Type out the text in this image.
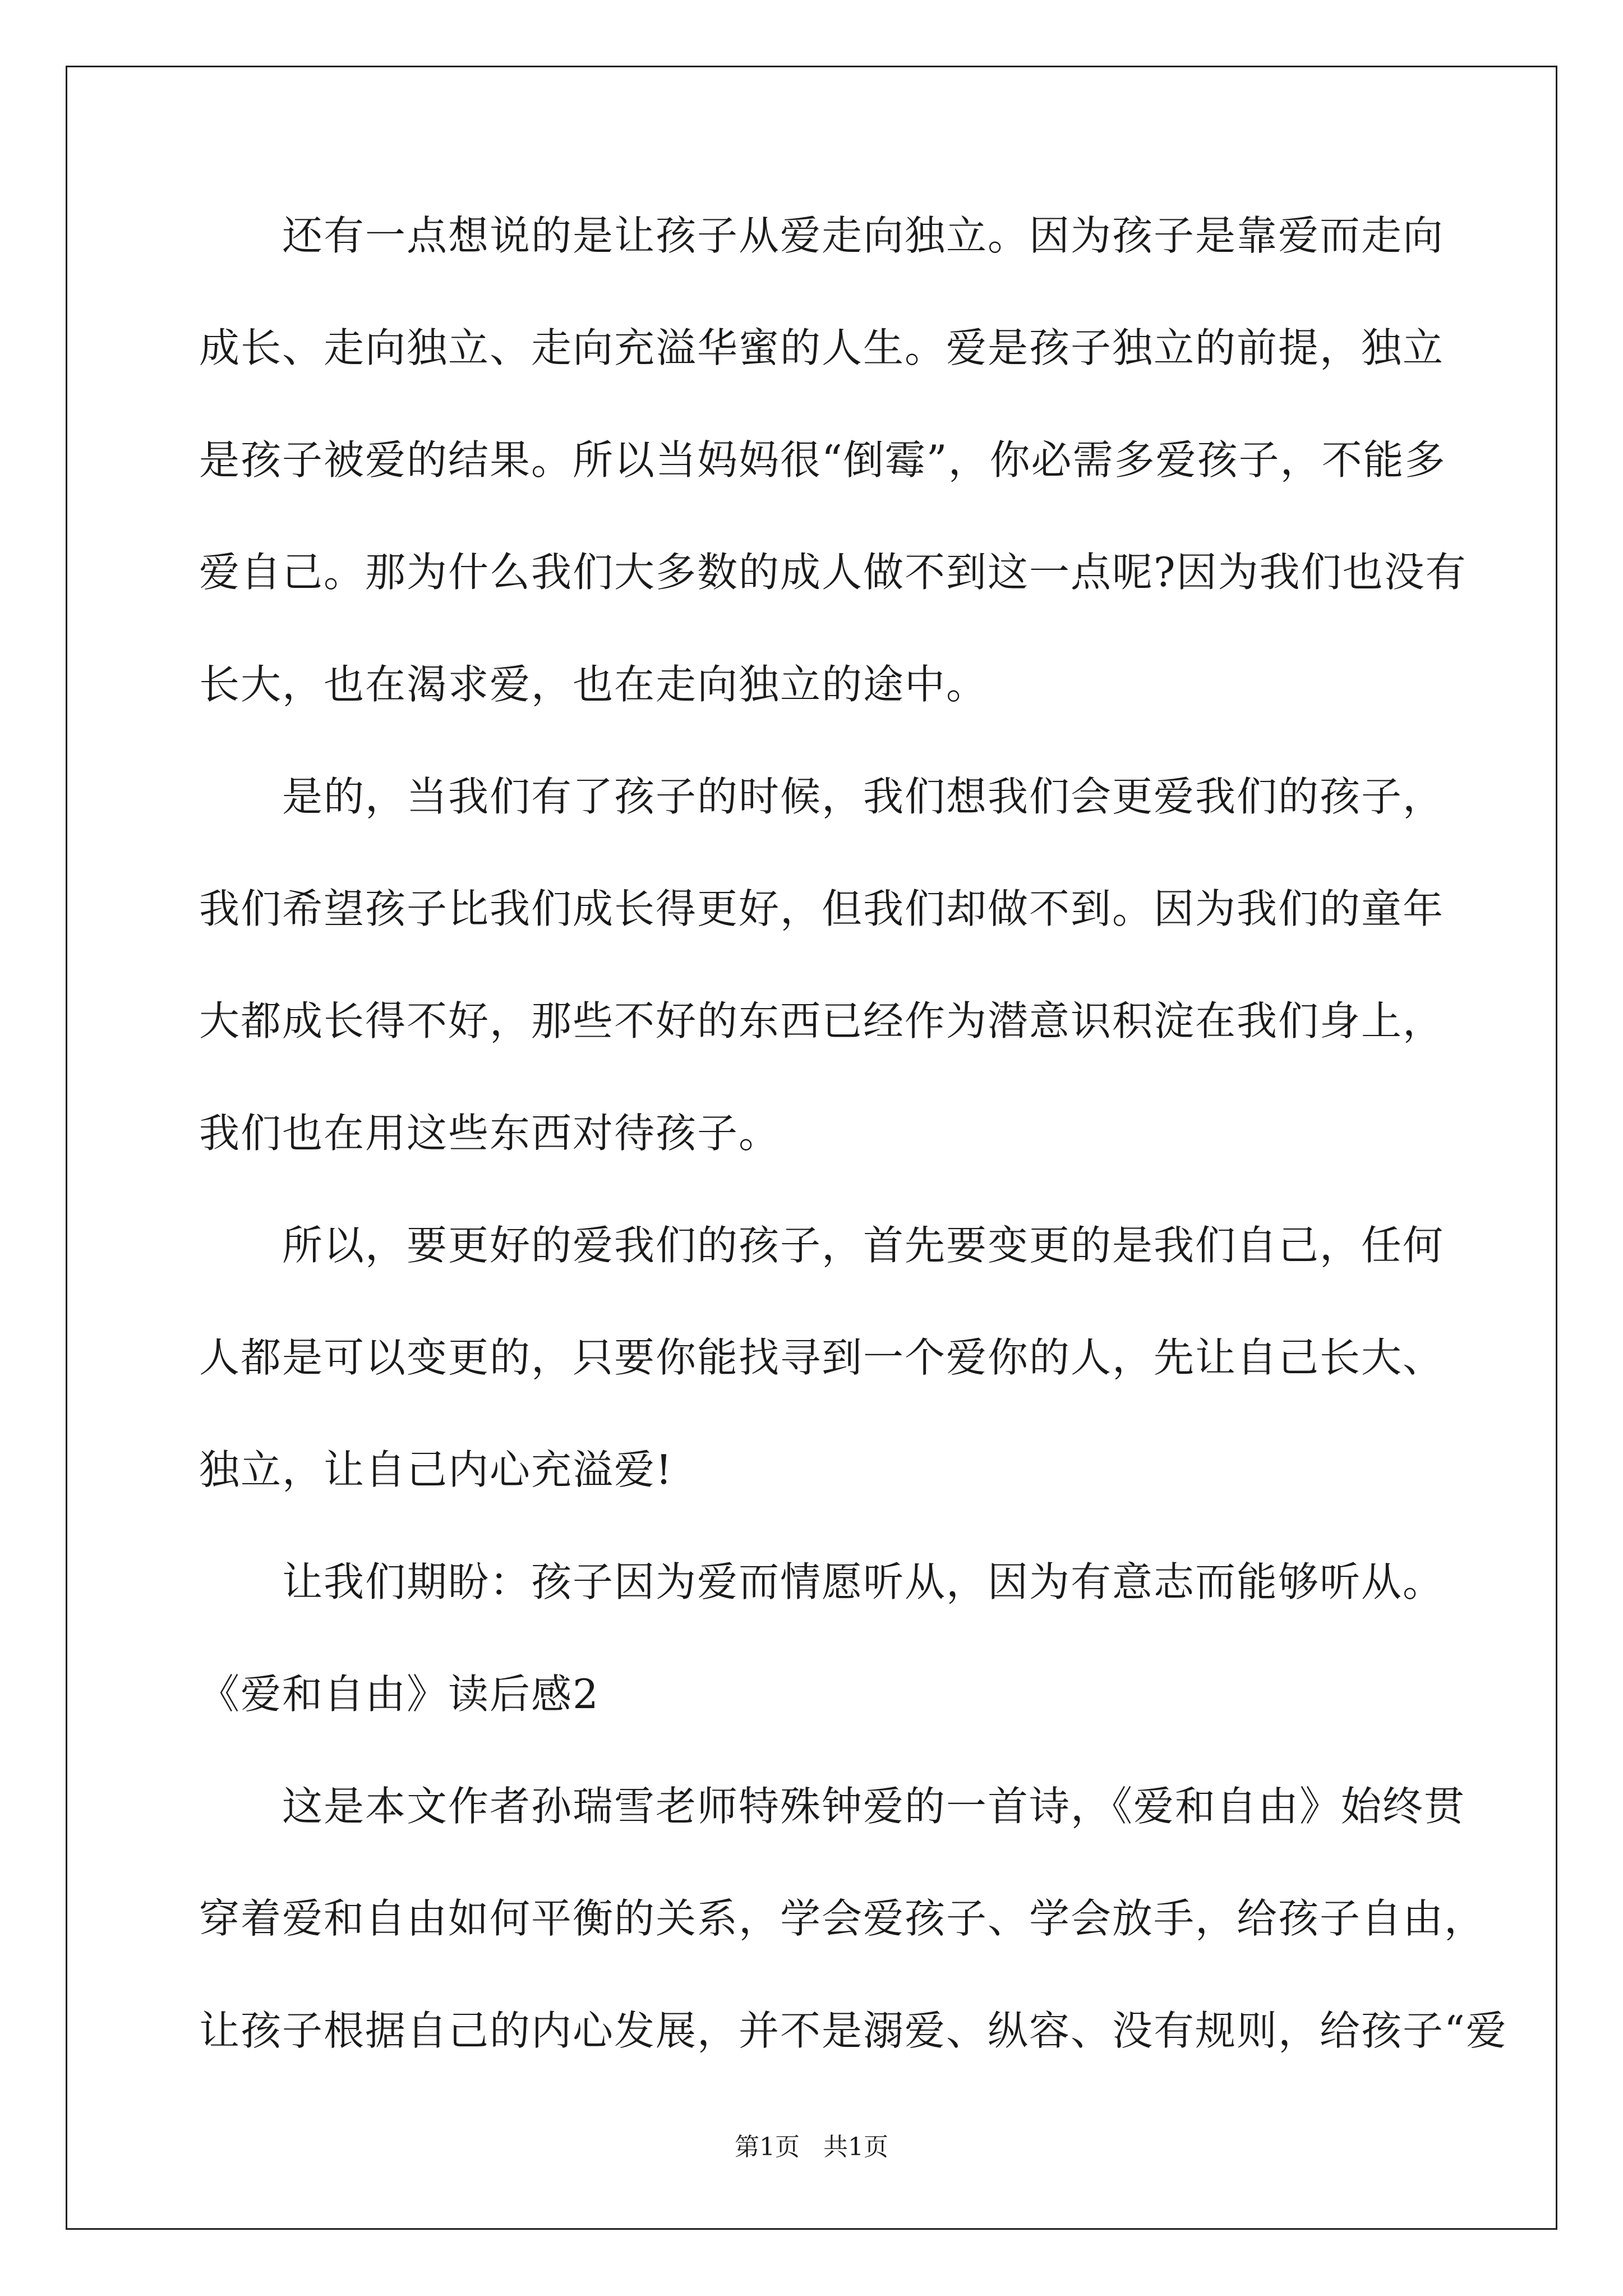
还有一点想说的是让孩子从爱走向独立。因为孩子是靠爱而走向
成长、走向独立、走向充溢华蜜的人生。爱是孩子独立的前提，独立
是孩子被爱的结果。所以当妈妈很“倒霉”，你必需多爱孩子，不能多
爱自己。那为什么我们大多数的成人做不到这一点呢?因为我们也没有
长大，也在渴求爱，也在走向独立的途中。
是的，当我们有了孩子的时候，我们想我们会更爱我们的孩子，
我们希望孩子比我们成长得更好，但我们却做不到。因为我们的童年
大都成长得不好，那些不好的东西已经作为潜意识积淀在我们身上，
我们也在用这些东西对待孩子。
所以，要更好的爱我们的孩子，首先要变更的是我们自己，任何
人都是可以变更的，只要你能找寻到一个爱你的人，先让自己长大、
独立，让自己内心充溢爱!
让我们期盼：孩子因为爱而情愿听从，因为有意志而能够听从。
《爱和自由》读后感2
这是本文作者孙瑞雪老师特殊钟爱的一首诗，《爱和自由》始终贯
穿着爱和自由如何平衡的关系，学会爱孩子、学会放手，给孩子自由，
让孩子根据自己的内心发展，并不是溺爱、纵容、没有规则，给孩子“爱
第1页   共1页
